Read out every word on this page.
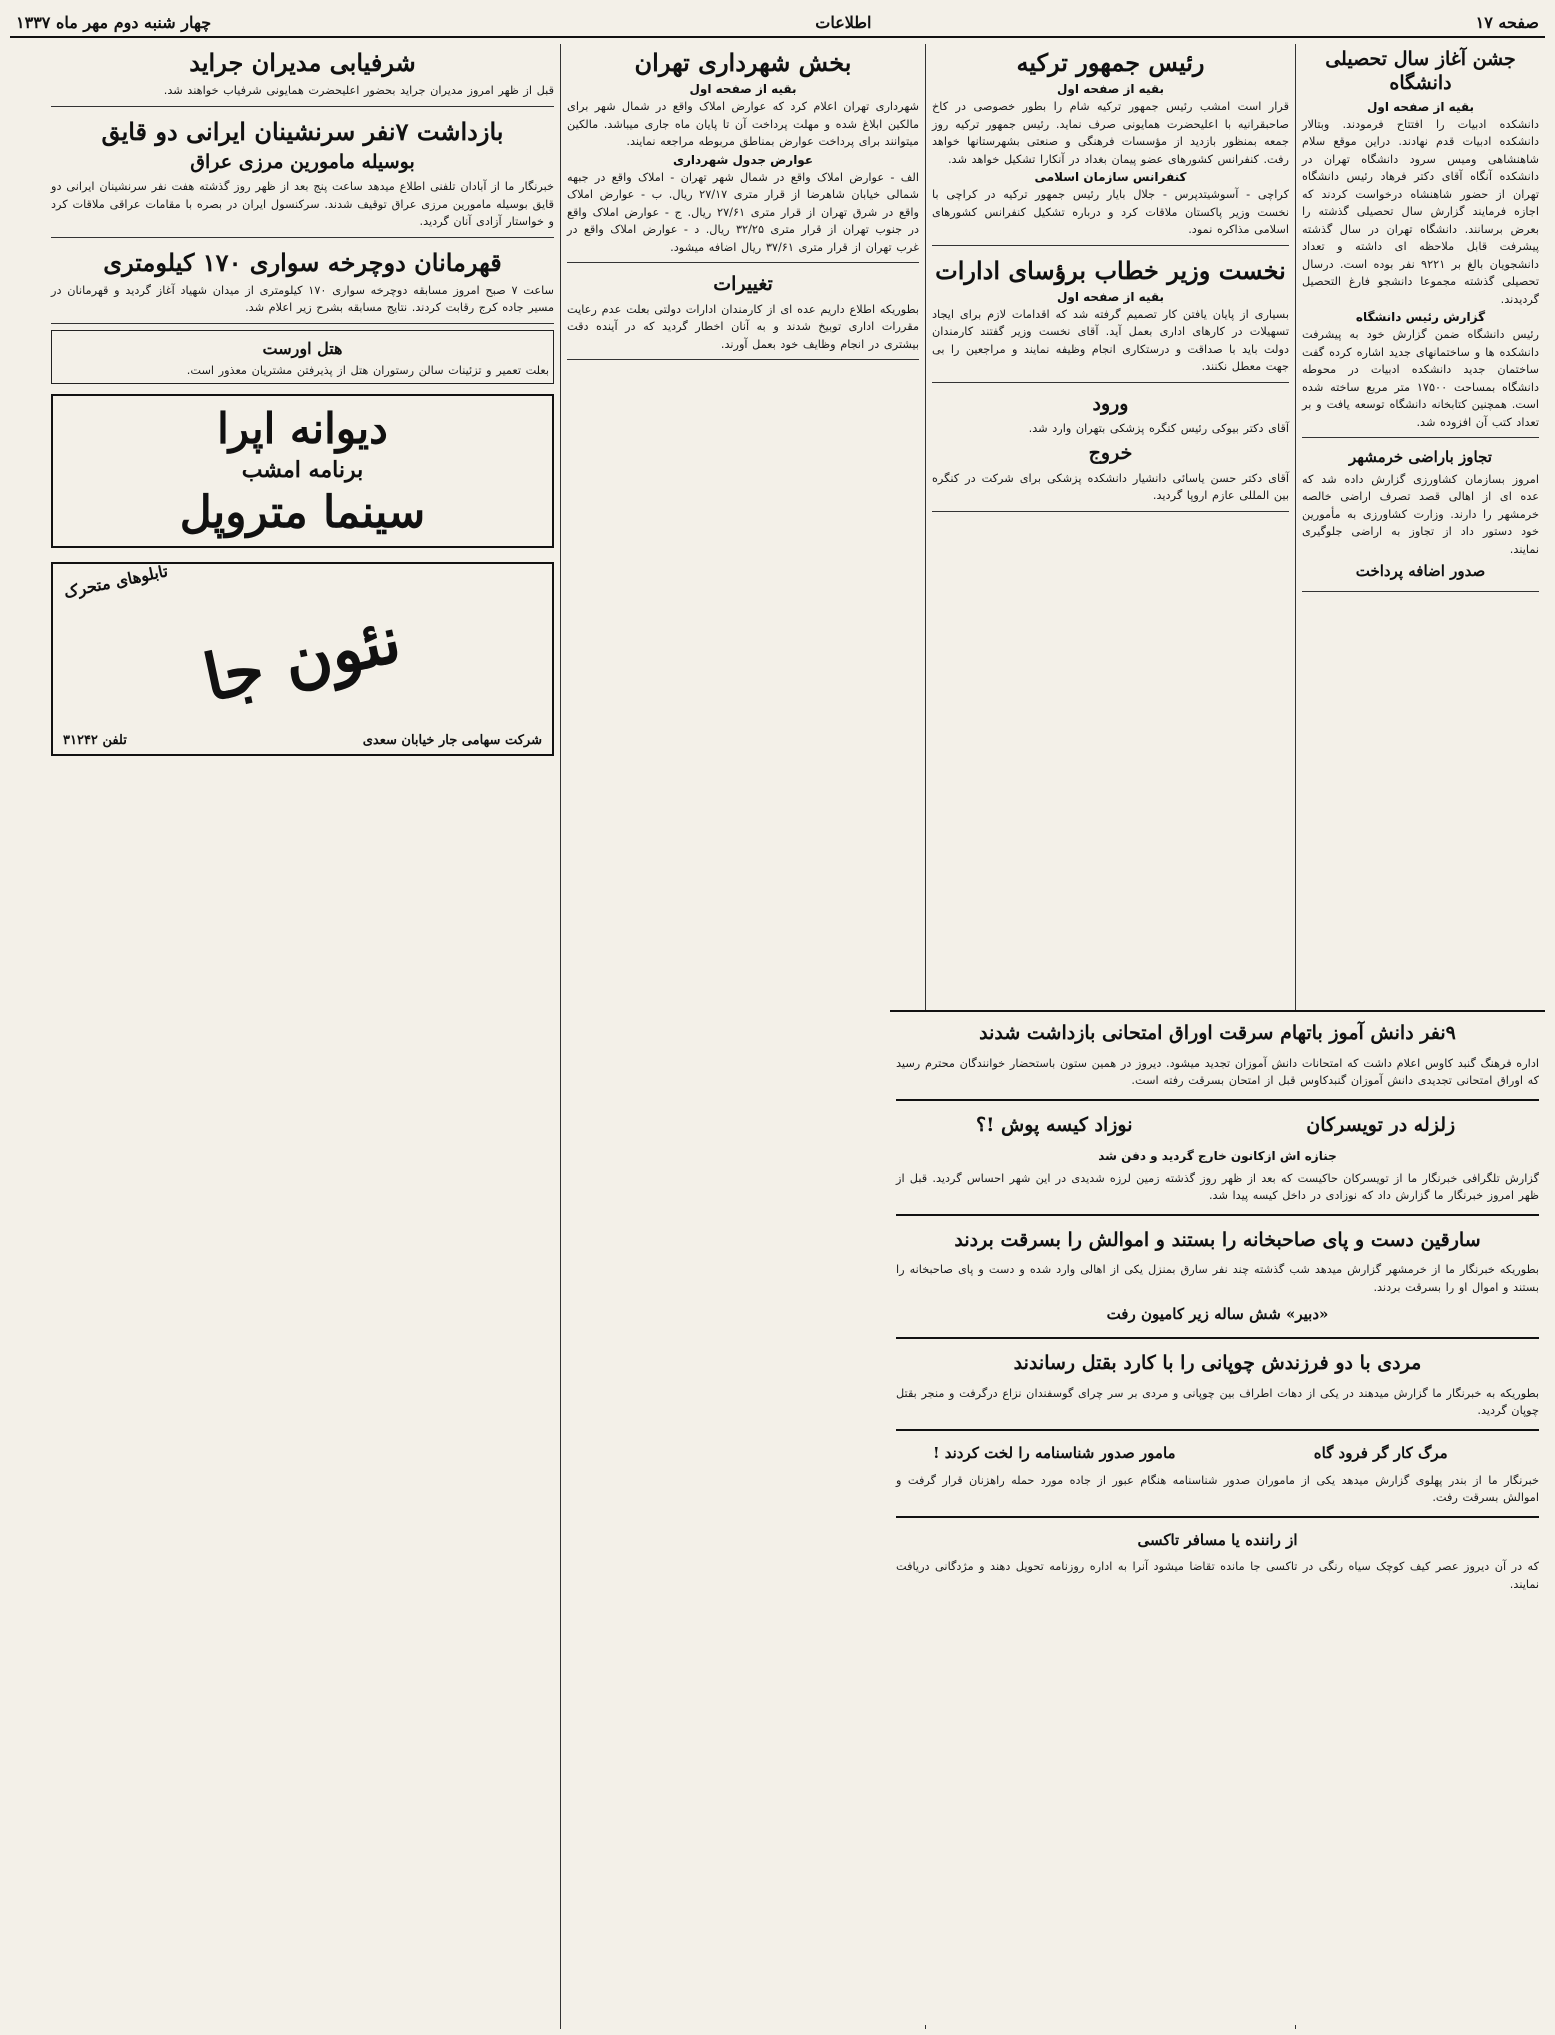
صفحه ۱۷
اطلاعات
چهار شنبه دوم مهر ماه ۱۳۳۷
جشن آغاز سال تحصیلی دانشگاه
بقیه از صفحه اول
دانشکده ادبیات را افتتاح فرمودند. وبتالار دانشکده ادبیات قدم نهادند. دراین موقع سلام شاهنشاهی ومیس سرود دانشگاه تهران در دانشکده آنگاه آقای دکتر فرهاد رئیس دانشگاه تهران از حضور شاهنشاه درخواست کردند که اجازه فرمایند گزارش سال تحصیلی گذشته را بعرض برسانند. دانشگاه تهران در سال گذشته پیشرفت قابل ملاحظه ای داشته و تعداد دانشجویان بالغ بر ۹۲۲۱ نفر بوده است. درسال تحصیلی گذشته مجموعا دانشجو فارغ التحصیل گردیدند.
گزارش رئیس دانشگاه
رئیس دانشگاه ضمن گزارش خود به پیشرفت دانشکده ها و ساختمانهای جدید اشاره کرده گفت ساختمان جدید دانشکده ادبیات در محوطه دانشگاه بمساحت ۱۷۵۰۰ متر مربع ساخته شده است. همچنین کتابخانه دانشگاه توسعه یافت و بر تعداد کتب آن افزوده شد.
تجاوز باراضی خرمشهر
امروز بسازمان کشاورزی گزارش داده شد که عده ای از اهالی قصد تصرف اراضی خالصه خرمشهر را دارند. وزارت کشاورزی به مأمورین خود دستور داد از تجاوز به اراضی جلوگیری نمایند.
صدور اضافه پرداخت
رئیس جمهور ترکیه
بقیه از صفحه اول
قرار است امشب رئیس جمهور ترکیه شام را بطور خصوصی در کاخ صاحبقرانیه با اعلیحضرت همایونی صرف نماید. رئیس جمهور ترکیه روز جمعه بمنظور بازدید از مؤسسات فرهنگی و صنعتی بشهرستانها خواهد رفت. کنفرانس کشورهای عضو پیمان بغداد در آنکارا تشکیل خواهد شد.
کنفرانس سازمان اسلامی
کراچی - آسوشیتدپرس - جلال بایار رئیس جمهور ترکیه در کراچی با نخست وزیر پاکستان ملاقات کرد و درباره تشکیل کنفرانس کشورهای اسلامی مذاکره نمود.
نخست وزیر خطاب برؤسای ادارات
بقیه از صفحه اول
بسیاری از پایان یافتن کار تصمیم گرفته شد که اقدامات لازم برای ایجاد تسهیلات در کارهای اداری بعمل آید. آقای نخست وزیر گفتند کارمندان دولت باید با صداقت و درستکاری انجام وظیفه نمایند و مراجعین را بی جهت معطل نکنند.
ورود
آقای دکتر بیوکی رئیس کنگره پزشکی بتهران وارد شد.
خروج
آقای دکتر حسن یاسائی دانشیار دانشکده پزشکی برای شرکت در کنگره بین المللی عازم اروپا گردید.
بخش شهرداری تهران
بقیه از صفحه اول
شهرداری تهران اعلام کرد که عوارض املاک واقع در شمال شهر برای مالکین ابلاغ شده و مهلت پرداخت آن تا پایان ماه جاری میباشد. مالکین میتوانند برای پرداخت عوارض بمناطق مربوطه مراجعه نمایند.
عوارض جدول شهرداری
الف - عوارض املاک واقع در شمال شهر تهران - املاک واقع در جبهه شمالی خیابان شاهرضا از قرار متری ۲۷/۱۷ ریال. ب - عوارض املاک واقع در شرق تهران از قرار متری ۲۷/۶۱ ریال. ج - عوارض املاک واقع در جنوب تهران از قرار متری ۳۲/۲۵ ریال. د - عوارض املاک واقع در غرب تهران از قرار متری ۳۷/۶۱ ریال اضافه میشود.
تغییرات
بطوریکه اطلاع داریم عده ای از کارمندان ادارات دولتی بعلت عدم رعایت مقررات اداری توبیخ شدند و به آنان اخطار گردید که در آینده دقت بیشتری در انجام وظایف خود بعمل آورند.
شرفیابی مدیران جراید
قبل از ظهر امروز مدیران جراید بحضور اعلیحضرت همایونی شرفیاب خواهند شد.
بازداشت ۷نفر سرنشینان ایرانی دو قایق
بوسیله مامورین مرزی عراق
خبرنگار ما از آبادان تلفنی اطلاع میدهد ساعت پنج بعد از ظهر روز گذشته هفت نفر سرنشینان ایرانی دو قایق بوسیله مامورین مرزی عراق توقیف شدند. سرکنسول ایران در بصره با مقامات عراقی ملاقات کرد و خواستار آزادی آنان گردید.
قهرمانان دوچرخه سواری ۱۷۰ کیلومتری
ساعت ۷ صبح امروز مسابقه دوچرخه سواری ۱۷۰ کیلومتری از میدان شهیاد آغاز گردید و قهرمانان در مسیر جاده کرج رقابت کردند. نتایج مسابقه بشرح زیر اعلام شد.
هتل اورست
بعلت تعمیر و تزئینات سالن رستوران هتل از پذیرفتن مشتریان معذور است.
دیوانه اپرا
برنامه امشب
سینما متروپل
تابلوهای متحرک
نئون جا
شرکت سهامی جار خیابان سعدی
تلفن ۳۱۲۴۲
۹نفر دانش آموز باتهام سرقت اوراق امتحانی بازداشت شدند
اداره فرهنگ گنبد کاوس اعلام داشت که امتحانات دانش آموزان تجدید میشود. دیروز در همین ستون باستحضار خوانندگان محترم رسید که اوراق امتحانی تجدیدی دانش آموزان گنبدکاوس قبل از امتحان بسرقت رفته است.
زلزله در تویسرکان
نوزاد کیسه پوش !؟
جنازه اش ازکانون خارج گردید و دفن شد
گزارش تلگرافی خبرنگار ما از تویسرکان حاکیست که بعد از ظهر روز گذشته زمین لرزه شدیدی در این شهر احساس گردید. قبل از ظهر امروز خبرنگار ما گزارش داد که نوزادی در داخل کیسه پیدا شد.
سارقین دست و پای صاحبخانه را بستند و اموالش را بسرقت بردند
بطوریکه خبرنگار ما از خرمشهر گزارش میدهد شب گذشته چند نفر سارق بمنزل یکی از اهالی وارد شده و دست و پای صاحبخانه را بستند و اموال او را بسرقت بردند.
«دبیر» شش ساله زیر کامیون رفت
مردی با دو فرزندش چوپانی را با کارد بقتل رساندند
بطوریکه به خبرنگار ما گزارش میدهند در یکی از دهات اطراف بین چوپانی و مردی بر سر چرای گوسفندان نزاع درگرفت و منجر بقتل چوپان گردید.
مرگ کار گر فرود گاه
مامور صدور شناسنامه را لخت کردند !
خبرنگار ما از بندر پهلوی گزارش میدهد یکی از ماموران صدور شناسنامه هنگام عبور از جاده مورد حمله راهزنان قرار گرفت و اموالش بسرقت رفت.
از راننده یا مسافر تاکسی
که در آن دیروز عصر کیف کوچک سیاه رنگی در تاکسی جا مانده تقاضا میشود آنرا به اداره روزنامه تحویل دهند و مژدگانی دریافت نمایند.
